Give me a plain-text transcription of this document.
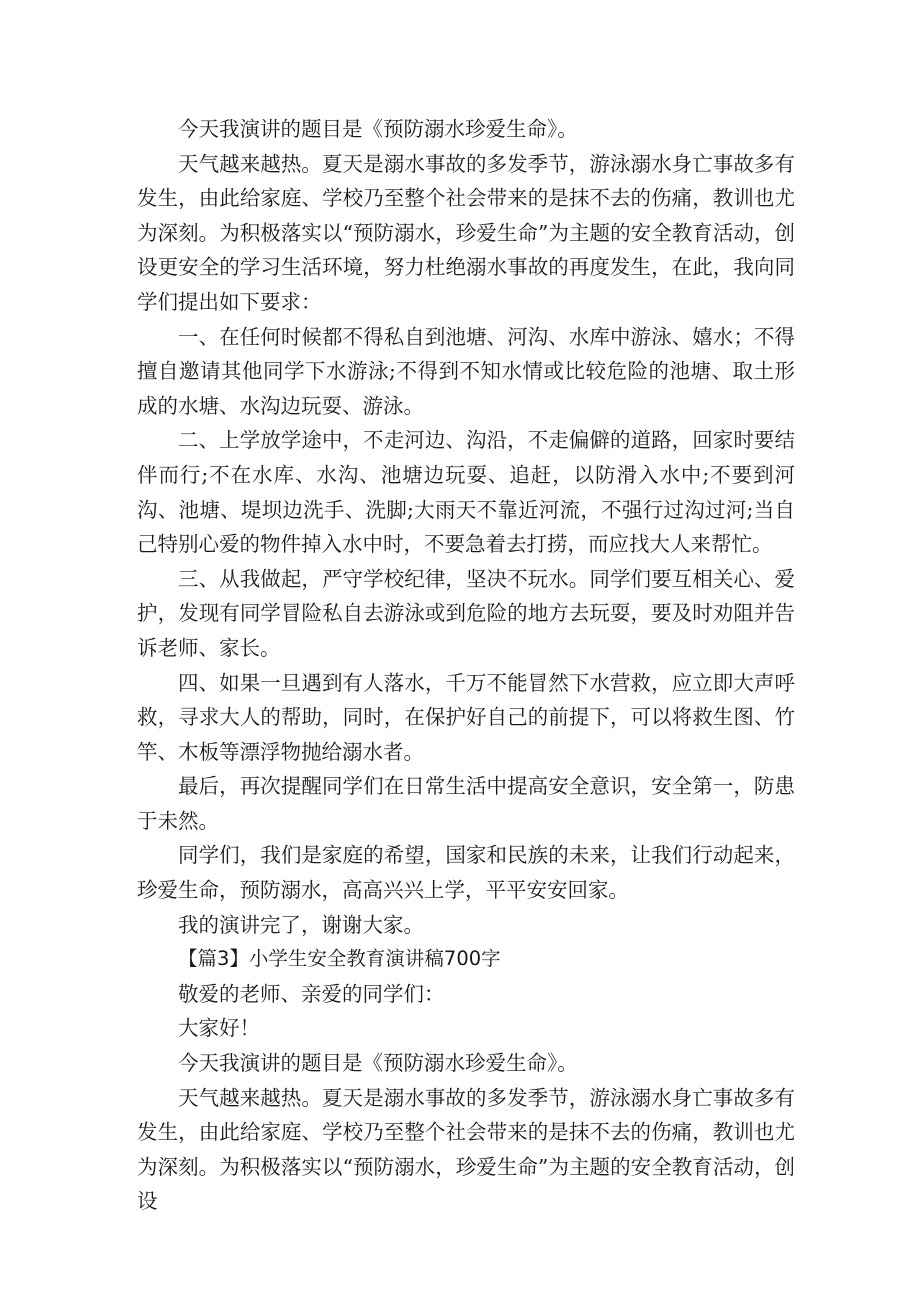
今天我演讲的题目是《预防溺水珍爱生命》。

天气越来越热。夏天是溺水事故的多发季节，游泳溺水身亡事故多有发生，由此给家庭、学校乃至整个社会带来的是抹不去的伤痛，教训也尤为深刻。为积极落实以“预防溺水，珍爱生命”为主题的安全教育活动，创设更安全的学习生活环境，努力杜绝溺水事故的再度发生，在此，我向同学们提出如下要求：

一、在任何时候都不得私自到池塘、河沟、水库中游泳、嬉水；不得擅自邀请其他同学下水游泳;不得到不知水情或比较危险的池塘、取土形成的水塘、水沟边玩耍、游泳。

二、上学放学途中，不走河边、沟沿，不走偏僻的道路，回家时要结伴而行;不在水库、水沟、池塘边玩耍、追赶，以防滑入水中;不要到河沟、池塘、堤坝边洗手、洗脚;大雨天不靠近河流，不强行过沟过河;当自己特别心爱的物件掉入水中时，不要急着去打捞，而应找大人来帮忙。

三、从我做起，严守学校纪律，坚决不玩水。同学们要互相关心、爱护，发现有同学冒险私自去游泳或到危险的地方去玩耍，要及时劝阻并告诉老师、家长。

四、如果一旦遇到有人落水，千万不能冒然下水营救，应立即大声呼救，寻求大人的帮助，同时，在保护好自己的前提下，可以将救生图、竹竿、木板等漂浮物抛给溺水者。

最后，再次提醒同学们在日常生活中提高安全意识，安全第一，防患于未然。

同学们，我们是家庭的希望，国家和民族的未来，让我们行动起来，珍爱生命，预防溺水，高高兴兴上学，平平安安回家。

我的演讲完了，谢谢大家。

【篇3】小学生安全教育演讲稿700字

敬爱的老师、亲爱的同学们：

大家好！

今天我演讲的题目是《预防溺水珍爱生命》。

天气越来越热。夏天是溺水事故的多发季节，游泳溺水身亡事故多有发生，由此给家庭、学校乃至整个社会带来的是抹不去的伤痛，教训也尤为深刻。为积极落实以“预防溺水，珍爱生命”为主题的安全教育活动，创设
